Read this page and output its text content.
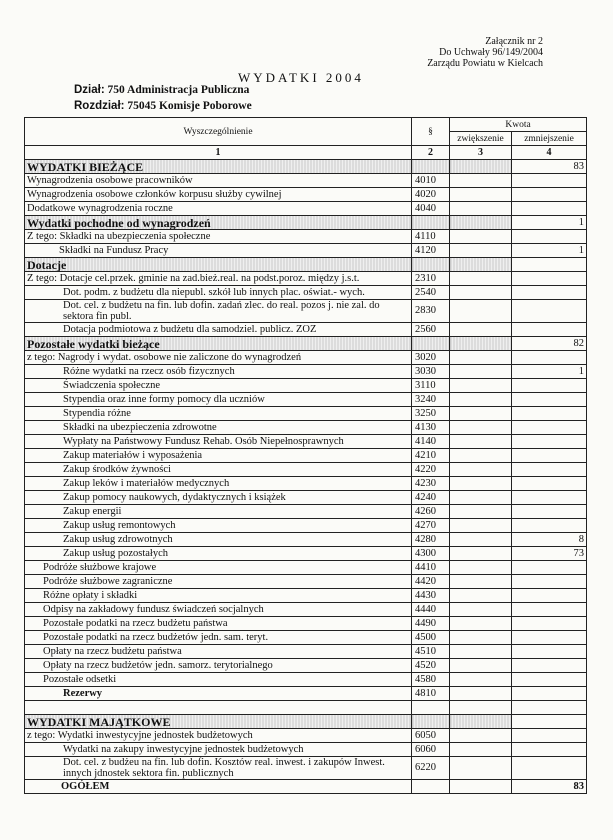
Załącznik nr 2
Do Uchwały 96/149/2004
Zarządu Powiatu w Kielcach
WYDATKI 2004
Dział: 750 Administracja Publiczna
Rozdział: 75045 Komisje Poborowe
Wyszczególnienie	§	Kwota	
		zwiększenie	zmniejszenie
1	2	3	4
WYDATKI BIEŻĄCE			83
Wynagrodzenia osobowe pracowników	4010		
Wynagrodzenia osobowe członków korpusu służby cywilnej	4020		
Dodatkowe wynagrodzenia roczne	4040		
Wydatki pochodne od wynagrodzeń			1
Z tego: Składki na ubezpieczenia społeczne	4110		
Składki na Fundusz Pracy	4120		1
Dotacje			
Z tego: Dotacje cel.przek. gminie na zad.bież.real. na podst.poroz. między j.s.t.	2310		
Dot. podm. z budżetu dla niepubl. szkół lub innych plac. oświat.- wych.	2540		
Dot. cel. z budżetu na fin. lub dofin. zadań zlec. do real. pozos j. nie zal. do sektora fin publ.	2830		
Dotacja podmiotowa z budżetu dla samodziel. publicz. ZOZ	2560		
Pozostałe wydatki bieżące			82
z tego: Nagrody i wydat. osobowe nie zaliczone do wynagrodzeń	3020		
Różne wydatki na rzecz osób fizycznych	3030		1
Świadczenia społeczne	3110		
Stypendia oraz inne formy pomocy dla uczniów	3240		
Stypendia różne	3250		
Składki na ubezpieczenia zdrowotne	4130		
Wypłaty na Państwowy Fundusz Rehab. Osób Niepełnosprawnych	4140		
Zakup materiałów i wyposażenia	4210		
Zakup środków żywności	4220		
Zakup leków i materiałów medycznych	4230		
Zakup pomocy naukowych, dydaktycznych i książek	4240		
Zakup energii	4260		
Zakup usług remontowych	4270		
Zakup usług zdrowotnych	4280		8
Zakup usług pozostałych	4300		73
Podróże służbowe krajowe	4410		
Podróże służbowe zagraniczne	4420		
Różne opłaty i składki	4430		
Odpisy na zakładowy fundusz świadczeń socjalnych	4440		
Pozostałe podatki na rzecz budżetu państwa	4490		
Pozostałe podatki na rzecz budżetów jedn. sam. teryt.	4500		
Opłaty na rzecz budżetu państwa	4510		
Opłaty na rzecz budżetów jedn. samorz. terytorialnego	4520		
Pozostałe odsetki	4580		
Rezerwy	4810		

WYDATKI MAJĄTKOWE			
z tego: Wydatki inwestycyjne jednostek budżetowych	6050		
Wydatki na zakupy inwestycyjne jednostek budżetowych	6060		
Dot. cel. z budżeu na fin. lub dofin. Kosztów real. inwest. i zakupów Inwest. innych jdnostek sektora fin. publicznych	6220		
OGÓŁEM			83
